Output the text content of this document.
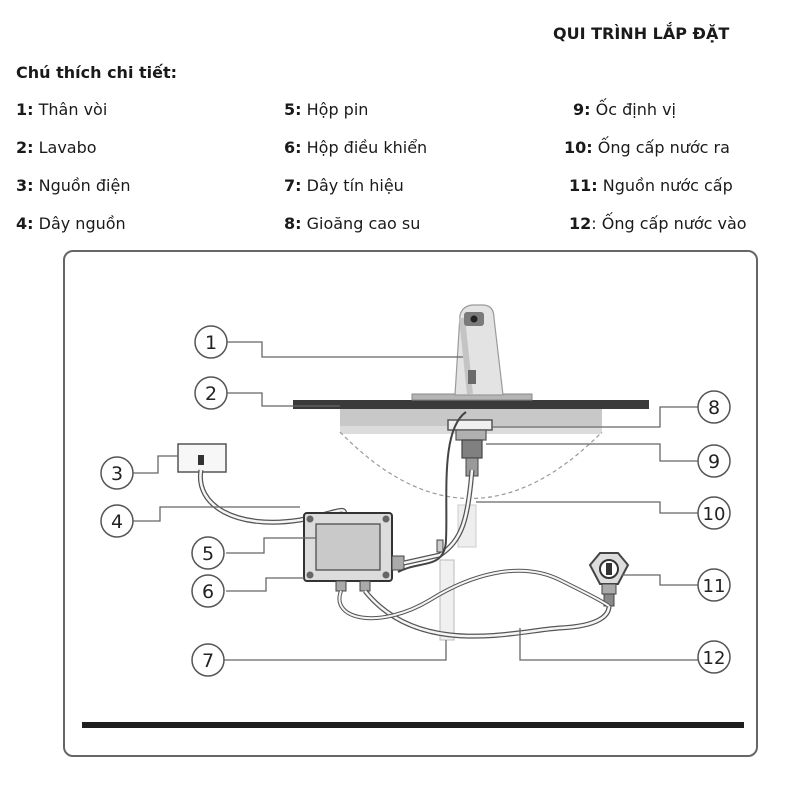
QUI TRÌNH LẮP ĐẶT
Chú thích chi tiết:
1: Thân vòi
2: Lavabo
3: Nguồn điện
4: Dây nguồn
5: Hộp pin
6: Hộp điều khiển
7: Dây tín hiệu
8: Gioăng cao su
9: Ốc định vị
10: Ống cấp nước ra
11: Nguồn nước cấp
12: Ống cấp nước vào
1
2
3
4
5
6
7
8
9
10
11
12
